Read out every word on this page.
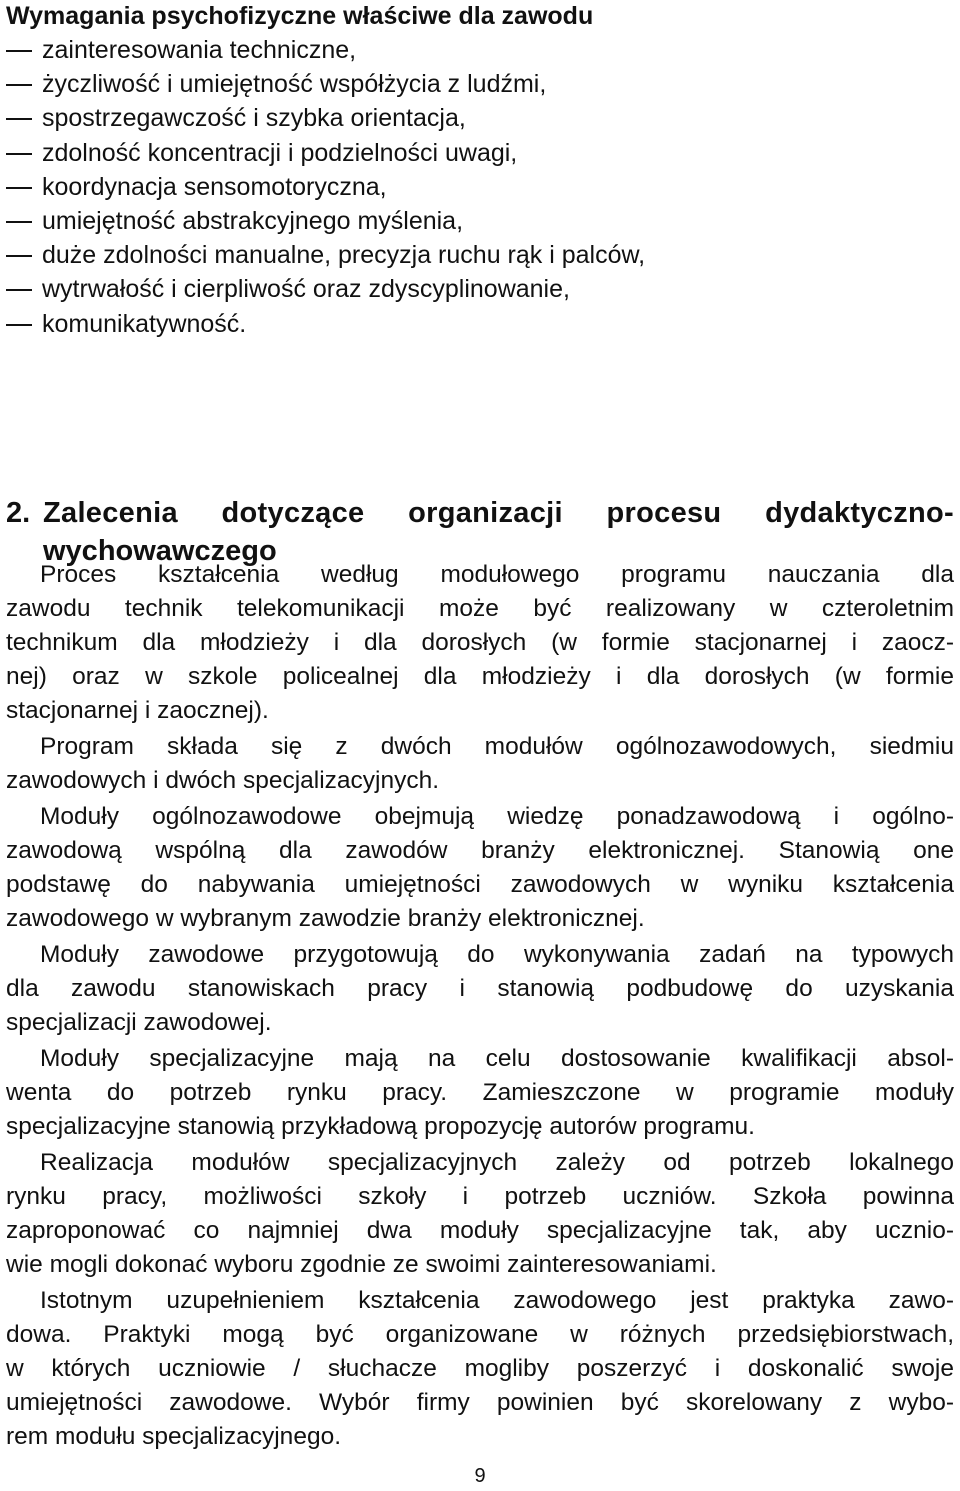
Wymagania psychofizyczne właściwe dla zawodu
zainteresowania techniczne,
życzliwość i umiejętność współżycia z ludźmi,
spostrzegawczość i szybka orientacja,
zdolność koncentracji i podzielności uwagi,
koordynacja sensomotoryczna,
umiejętność abstrakcyjnego myślenia,
duże zdolności manualne, precyzja ruchu rąk i palców,
wytrwałość i cierpliwość oraz zdyscyplinowanie,
komunikatywność.
2. Zalecenia dotyczące organizacji procesu dydaktyczno-
wychowawczego

Proces kształcenia według modułowego programu nauczania dla
zawodu technik telekomunikacji może być realizowany w czteroletnim
technikum dla młodzieży i dla dorosłych (w formie stacjonarnej i zaocz-
nej) oraz w szkole policealnej dla młodzieży i dla dorosłych (w formie
stacjonarnej i zaocznej).

Program składa się z dwóch modułów ogólnozawodowych, siedmiu
zawodowych i dwóch specjalizacyjnych.

Moduły ogólnozawodowe obejmują wiedzę ponadzawodową i ogólno-
zawodową wspólną dla zawodów branży elektronicznej. Stanowią one
podstawę do nabywania umiejętności zawodowych w wyniku kształcenia
zawodowego w wybranym zawodzie branży elektronicznej.

Moduły zawodowe przygotowują do wykonywania zadań na typowych
dla zawodu stanowiskach pracy i stanowią podbudowę do uzyskania
specjalizacji zawodowej.

Moduły specjalizacyjne mają na celu dostosowanie kwalifikacji absol-
wenta do potrzeb rynku pracy. Zamieszczone w programie moduły
specjalizacyjne stanowią przykładową propozycję autorów programu.

Realizacja modułów specjalizacyjnych zależy od potrzeb lokalnego
rynku pracy, możliwości szkoły i potrzeb uczniów. Szkoła powinna
zaproponować co najmniej dwa moduły specjalizacyjne tak, aby ucznio-
wie mogli dokonać wyboru zgodnie ze swoimi zainteresowaniami.

Istotnym uzupełnieniem kształcenia zawodowego jest praktyka zawo-
dowa. Praktyki mogą być organizowane w różnych przedsiębiorstwach,
w których uczniowie / słuchacze mogliby poszerzyć i doskonalić swoje
umiejętności zawodowe. Wybór firmy powinien być skorelowany z wybo-
rem modułu specjalizacyjnego.

9
